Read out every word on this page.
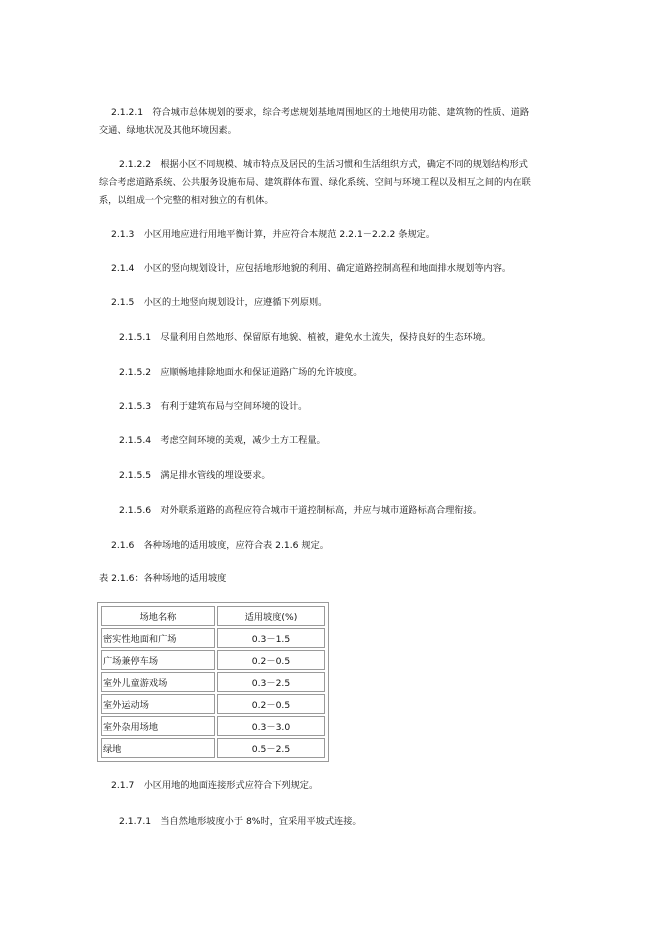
2.1.2.1　符合城市总体规划的要求，综合考虑规划基地周围地区的土地使用功能、建筑物的性质、道路

交通、绿地状况及其他环境因素。

2.1.2.2　根据小区不同规模、城市特点及居民的生活习惯和生活组织方式，确定不同的规划结构形式

综合考虑道路系统、公共服务设施布局、建筑群体布置、绿化系统、空间与环境工程以及相互之间的内在联

系，以组成一个完整的相对独立的有机体。

2.1.3　小区用地应进行用地平衡计算，并应符合本规范 2.2.1－2.2.2 条规定。

2.1.4　小区的竖向规划设计，应包括地形地貌的利用、确定道路控制高程和地面排水规划等内容。

2.1.5　小区的土地竖向规划设计，应遵循下列原则。

2.1.5.1　尽量利用自然地形、保留原有地貌、植被，避免水土流失，保持良好的生态环境。

2.1.5.2　应顺畅地排除地面水和保证道路广场的允许坡度。

2.1.5.3　有利于建筑布局与空间环境的设计。

2.1.5.4　考虑空间环境的美观，减少土方工程量。

2.1.5.5　满足排水管线的埋设要求。

2.1.5.6　对外联系道路的高程应符合城市干道控制标高，并应与城市道路标高合理衔接。

2.1.6　各种场地的适用坡度，应符合表 2.1.6 规定。

表 2.1.6：各种场地的适用坡度

场地名称	适用坡度(%)
密实性地面和广场	0.3－1.5
广场兼停车场	0.2－0.5
室外儿童游戏场	0.3－2.5
室外运动场	0.2－0.5
室外杂用场地	0.3－3.0
绿地	0.5－2.5

2.1.7　小区用地的地面连接形式应符合下列规定。

2.1.7.1　当自然地形坡度小于 8%时，宜采用平坡式连接。
